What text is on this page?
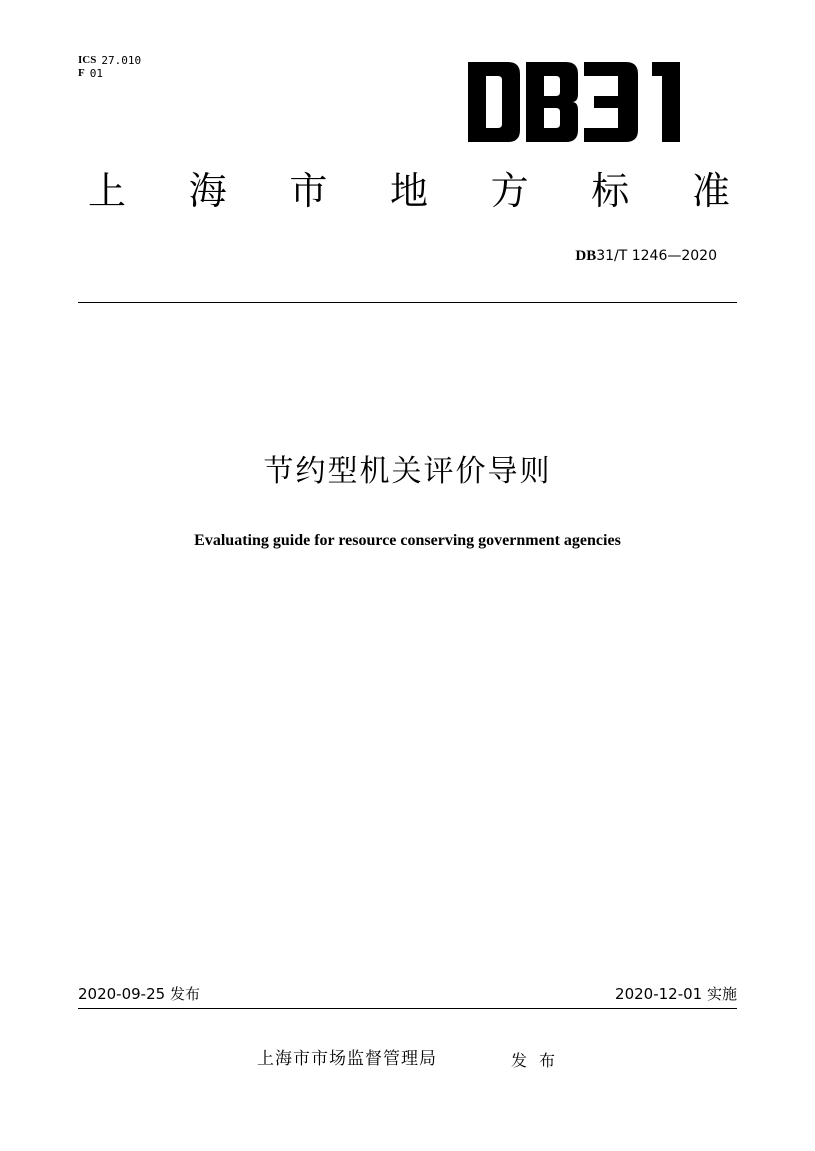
ICS 27.010
F 01
上 海 市 地 方 标 准
DB31/T 1246—2020
节约型机关评价导则
Evaluating guide for resource conserving government agencies
2020-09-25 发布	2020-12-01 实施
上海市市场监督管理局	发布
